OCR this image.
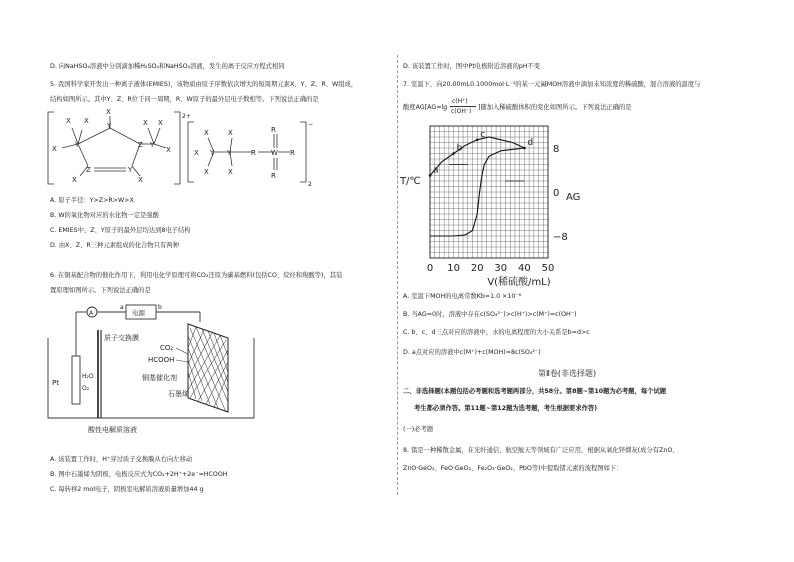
D. 向NaHSO₄溶液中分别滴加稀H₂SO₄和NaHSO₃溶液，发生的离子反应方程式相同
5. 我国科学家开发出一种离子液体(EMIES)，该物质由原子序数依次增大的短周期元素X、Y、Z、R、W组成，
结构如图所示。其中Y、Z、R位于同一周期，R、W原子的最外层电子数相等。下列说法正确的是
X X
X	Y
Y
X
Z Y
X X
X
Z	Y
X	X
2+
X
X
X Y Y
X
X
R W
R
R
R
−
2
A. 原子半径：Y>Z>R>W>X
B. W的氧化物对应的水化物一定是强酸
C. EMIES中，Z、Y原子的最外层均达到8电子结构
D. 由X、Z、R三种元素组成的化合物只有两种
6. 在铜基配合物的催化作用下，利用电化学原理可将CO₂还原为碳基燃料(包括CO、烷烃和羧酸等)，其装
置原理如图所示。下列说法正确的是
A
a	b
电源
质子交换膜
CO₂
HCOOH
铜基催化剂
石墨烯
Pt
H₂O
O₂
酸性电解质溶液
A. 该装置工作时，H⁺穿过质子交换膜从右向左移动
B. 图中石墨烯为阴极，电极反应式为CO₂+2H⁺+2e⁻=HCOOH
C. 每转移2 mol电子，阴极室电解质溶液质量增加44 g
D. 该装置工作时，图中Pt电极附近溶液的pH不变
7. 室温下，向20.00mL0.1000mol·L⁻¹的某一元碱MOH溶液中滴加未知浓度的稀硫酸，混合溶液的温度与
酸度AG[AG=lg
c(H⁺)
c(OH⁻)
]随加入稀硫酸体积的变化如图所示。下列说法正确的是
0 10 20 30 40 50
8
0
−8
V(稀硫酸/mL)
T/℃
AG
a
b
c
d
A. 室温下MOH的电离常数Kb=1.0 ×10⁻⁶
B. 当AG=0时，溶液中存在c(SO₄²⁻)>c(H⁺)>c(M⁺)=c(OH⁻)
C. b、c、d三点对应的溶液中，水的电离程度的大小关系是b=d>c
D. a点对应的溶液中c(M⁺)+c(MOH)=8c(SO₄²⁻)
第Ⅱ卷(非选择题)
二、非选择题(本题包括必考题和选考题两部分，共58分。第8题~第10题为必考题，每个试题
考生都必须作答。第11题~第12题为选考题，考生根据要求作答)
(一)必考题
8. 锗是一种稀散金属，在光纤通信、航空航天等领域有广泛应用，根据从氧化锌烟灰(成分有ZnO、
ZnO·GeO₂、FeO·GeO₂、Fe₂O₃·GeO₂、PbO等)中提取锗元素的流程图如下：
